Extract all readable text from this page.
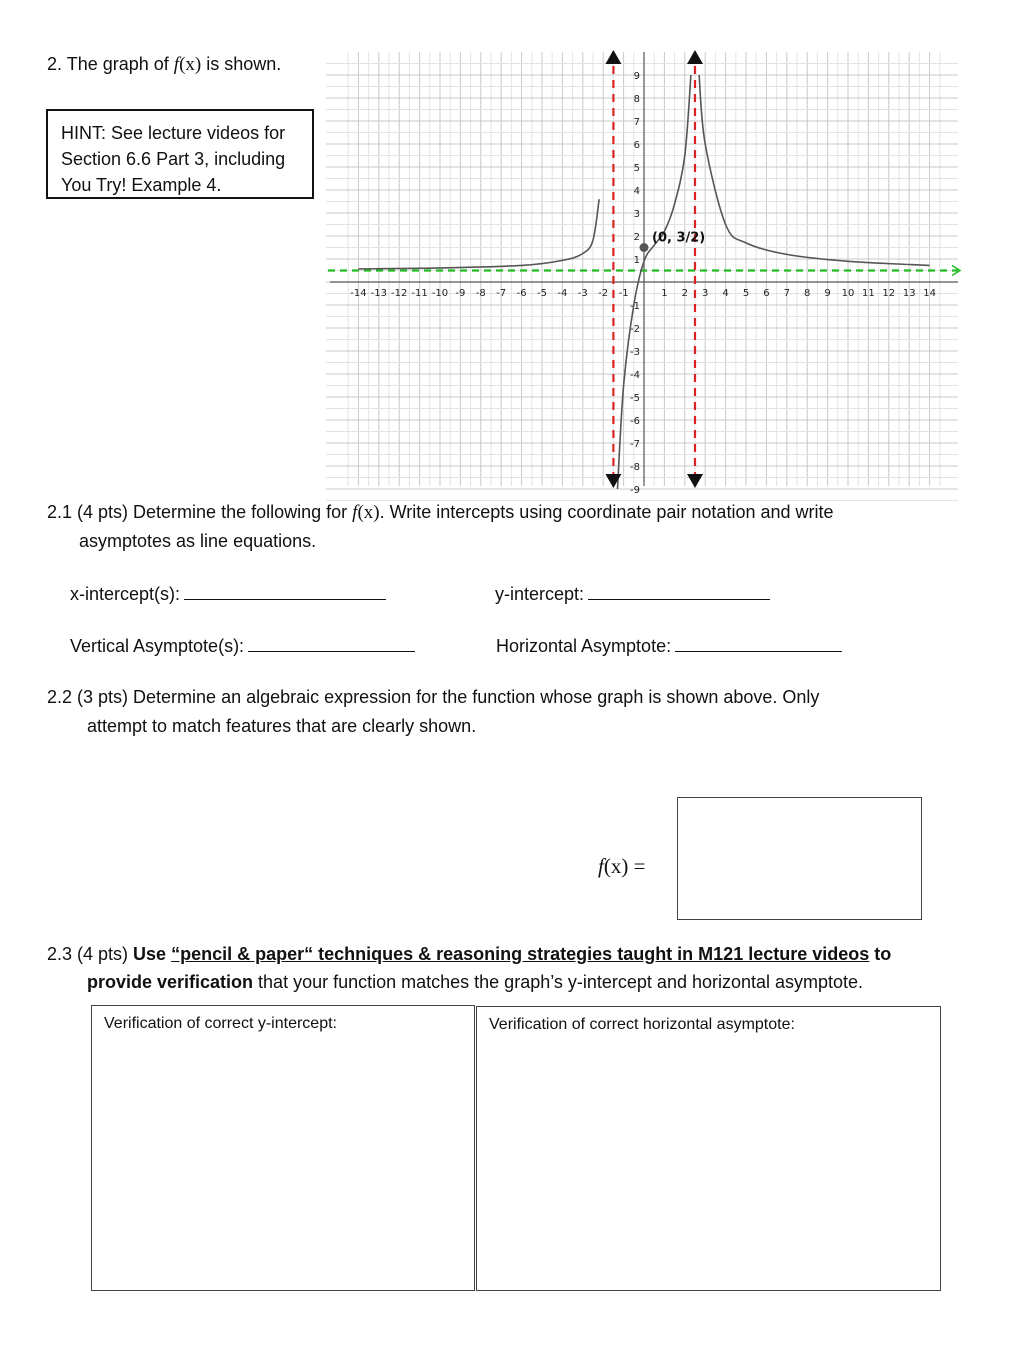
2. The graph of f(x) is shown.
HINT: See lecture videos for
Section 6.6 Part 3, including
You Try! Example 4.
-14 -13 -12 -11 -10 -9 -8 -7 -6 -5 -4 -3 -2 -1	1 2 3 4 5 6 7 8 9 10 11 12 13 14
9
8
7
6
5
4
3
2
1
-1
-2
-3
-4
-5
-6
-7
-8
-9
(0, 3/2)
2.1 (4 pts) Determine the following for f(x). Write intercepts using coordinate pair notation and write
asymptotes as line equations.
x-intercept(s):	y-intercept:
Vertical Asymptote(s):	Horizontal Asymptote:
2.2 (3 pts) Determine an algebraic expression for the function whose graph is shown above. Only
attempt to match features that are clearly shown.
f(x) =
2.3 (4 pts) Use “pencil & paper“ techniques & reasoning strategies taught in M121 lecture videos to
provide verification that your function matches the graph’s y-intercept and horizontal asymptote.
Verification of correct y-intercept:	Verification of correct horizontal asymptote:
